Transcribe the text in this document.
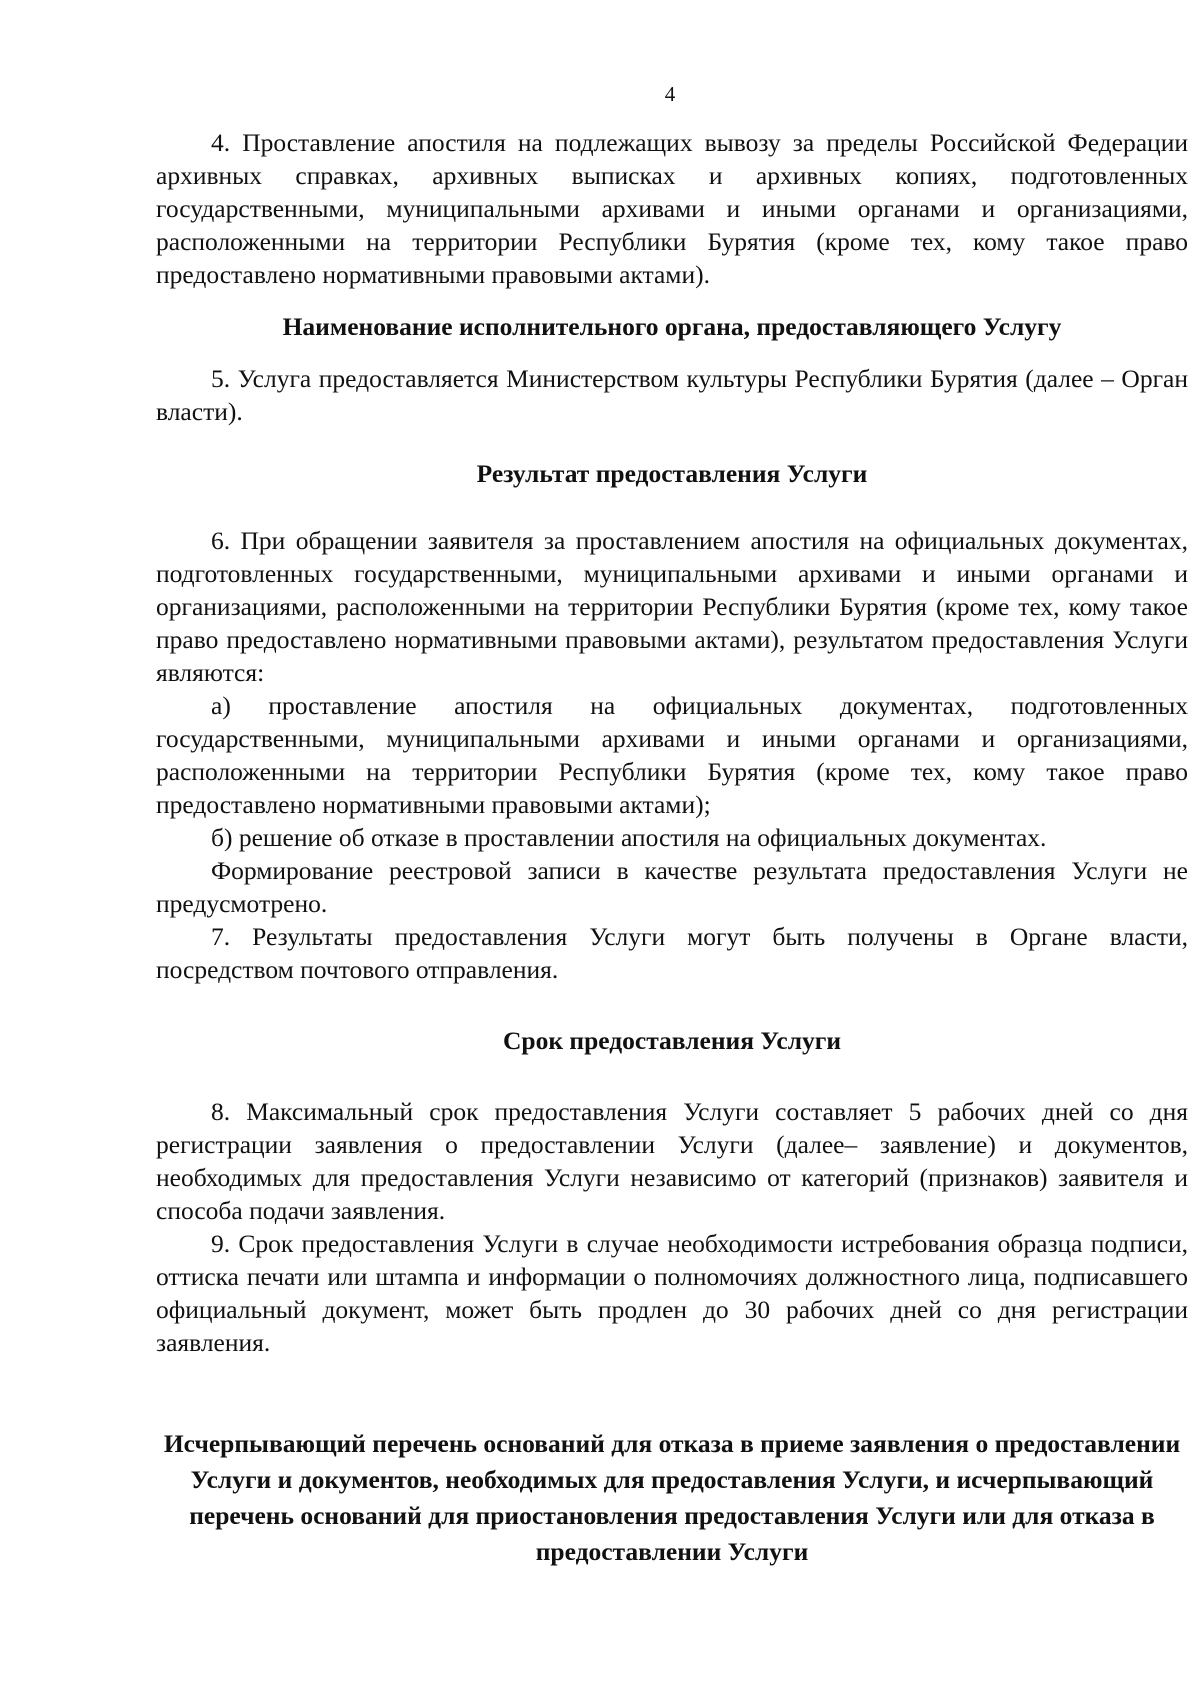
4

4. Проставление апостиля на подлежащих вывозу за пределы Российской Федерации архивных справках, архивных выписках и архивных копиях, подготовленных государственными, муниципальными архивами и иными органами и организациями, расположенными на территории Республики Бурятия (кроме тех, кому такое право предоставлено нормативными правовыми актами).

Наименование исполнительного органа, предоставляющего Услугу

5. Услуга предоставляется Министерством культуры Республики Бурятия (далее – Орган власти).

Результат предоставления Услуги

6. При обращении заявителя за проставлением апостиля на официальных документах, подготовленных государственными, муниципальными архивами и иными органами и организациями, расположенными на территории Республики Бурятия (кроме тех, кому такое право предоставлено нормативными правовыми актами), результатом предоставления Услуги являются:

а) проставление апостиля на официальных документах, подготовленных государственными, муниципальными архивами и иными органами и организациями, расположенными на территории Республики Бурятия (кроме тех, кому такое право предоставлено нормативными правовыми актами);

б) решение об отказе в проставлении апостиля на официальных документах.

Формирование реестровой записи в качестве результата предоставления Услуги не предусмотрено.

7. Результаты предоставления Услуги могут быть получены в Органе власти, посредством почтового отправления.

Срок предоставления Услуги

8. Максимальный срок предоставления Услуги составляет 5 рабочих дней со дня регистрации заявления о предоставлении Услуги (далее– заявление) и документов, необходимых для предоставления Услуги независимо от категорий (признаков) заявителя и способа подачи заявления.

9. Срок предоставления Услуги в случае необходимости истребования образца подписи, оттиска печати или штампа и информации о полномочиях должностного лица, подписавшего официальный документ, может быть продлен до 30 рабочих дней со дня регистрации заявления.

Исчерпывающий перечень оснований для отказа в приеме заявления о предоставлении Услуги и документов, необходимых для предоставления Услуги, и исчерпывающий перечень оснований для приостановления предоставления Услуги или для отказа в предоставлении Услуги
